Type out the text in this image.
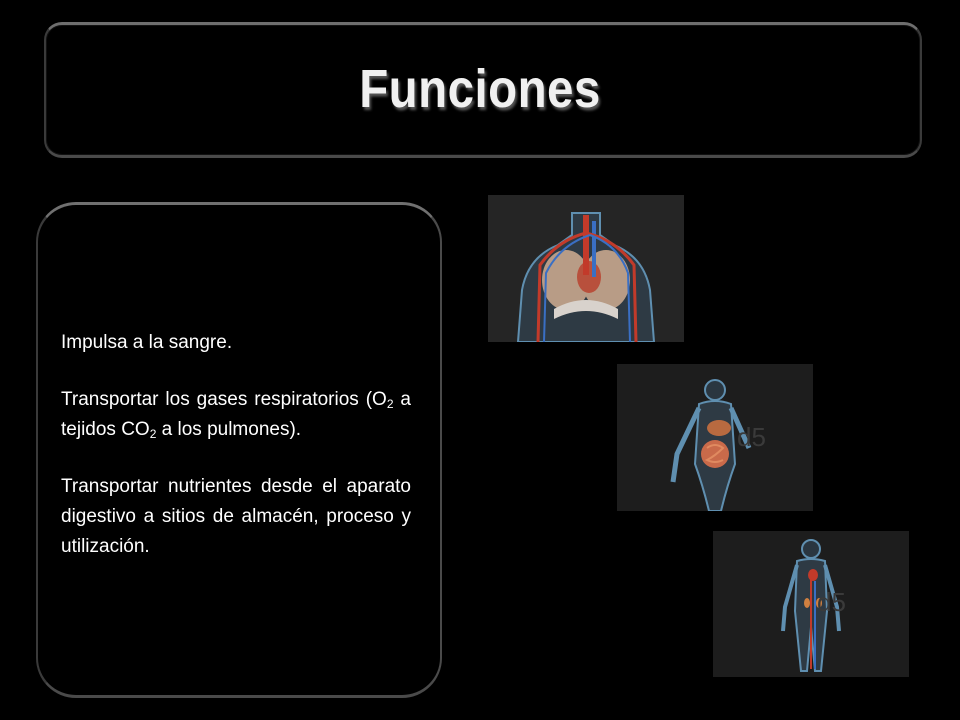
Funciones

Impulsa a la sangre.

Transportar los gases respiratorios ($O_2$ a tejidos $CO_2$ a los pulmones).

Transportar nutrientes desde el aparato digestivo a sitios de almacén, proceso y utilización.

d5
d5
